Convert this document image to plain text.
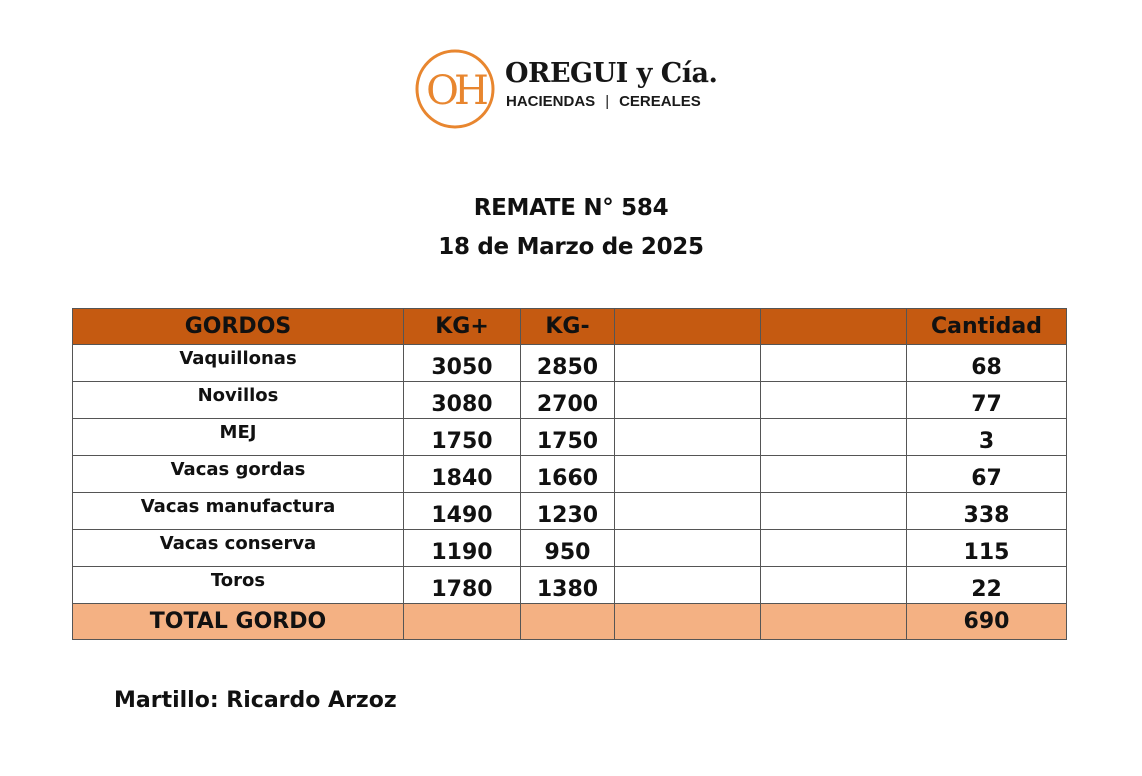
OH OREGUI y Cía.
HACIENDAS | CEREALES
REMATE N° 584
18 de Marzo de 2025
GORDOS	KG+	KG-			Cantidad
Vaquillonas	3050	2850			68
Novillos	3080	2700			77
MEJ	1750	1750			3
Vacas gordas	1840	1660			67
Vacas manufactura	1490	1230			338
Vacas conserva	1190	950			115
Toros	1780	1380			22
TOTAL GORDO					690
Martillo: Ricardo Arzoz
